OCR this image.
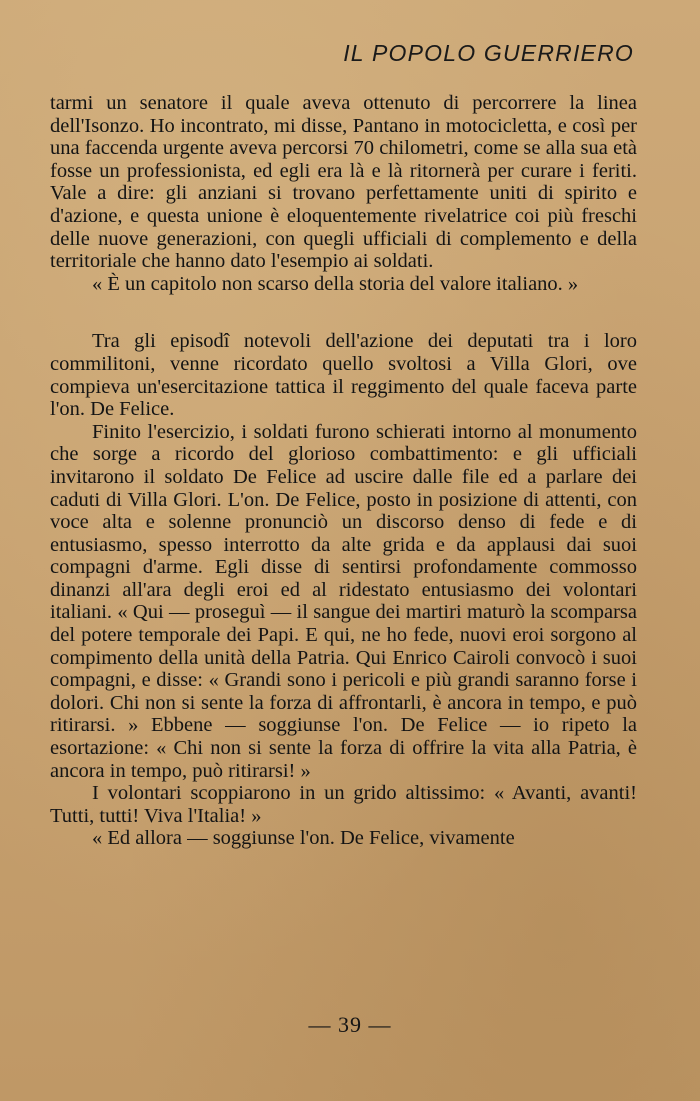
IL POPOLO GUERRIERO

tarmi un senatore il quale aveva ottenuto di percorrere la linea dell'Isonzo. Ho incontrato, mi disse, Pantano in motocicletta, e così per una faccenda urgente aveva percorsi 70 chilometri, come se alla sua età fosse un professionista, ed egli era là e là ritornerà per curare i feriti. Vale a dire: gli anziani si trovano perfettamente uniti di spirito e d'azione, e questa unione è eloquentemente rivelatrice coi più freschi delle nuove generazioni, con quegli ufficiali di complemento e della territoriale che hanno dato l'esempio ai soldati.

« È un capitolo non scarso della storia del valore italiano. »

Tra gli episodî notevoli dell'azione dei deputati tra i loro commilitoni, venne ricordato quello svoltosi a Villa Glori, ove compieva un'esercitazione tattica il reggimento del quale faceva parte l'on. De Felice.

Finito l'esercizio, i soldati furono schierati intorno al monumento che sorge a ricordo del glorioso combattimento: e gli ufficiali invitarono il soldato De Felice ad uscire dalle file ed a parlare dei caduti di Villa Glori. L'on. De Felice, posto in posizione di attenti, con voce alta e solenne pronunciò un discorso denso di fede e di entusiasmo, spesso interrotto da alte grida e da applausi dai suoi compagni d'arme. Egli disse di sentirsi profondamente commosso dinanzi all'ara degli eroi ed al ridestato entusiasmo dei volontari italiani. « Qui — proseguì — il sangue dei martiri maturò la scomparsa del potere temporale dei Papi. E qui, ne ho fede, nuovi eroi sorgono al compimento della unità della Patria. Qui Enrico Cairoli convocò i suoi compagni, e disse: « Grandi sono i pericoli e più grandi saranno forse i dolori. Chi non si sente la forza di affrontarli, è ancora in tempo, e può ritirarsi. » Ebbene — soggiunse l'on. De Felice — io ripeto la esortazione: « Chi non si sente la forza di offrire la vita alla Patria, è ancora in tempo, può ritirarsi! »

I volontari scoppiarono in un grido altissimo: « Avanti, avanti! Tutti, tutti! Viva l'Italia! »

« Ed allora — soggiunse l'on. De Felice, vivamente

— 39 —
